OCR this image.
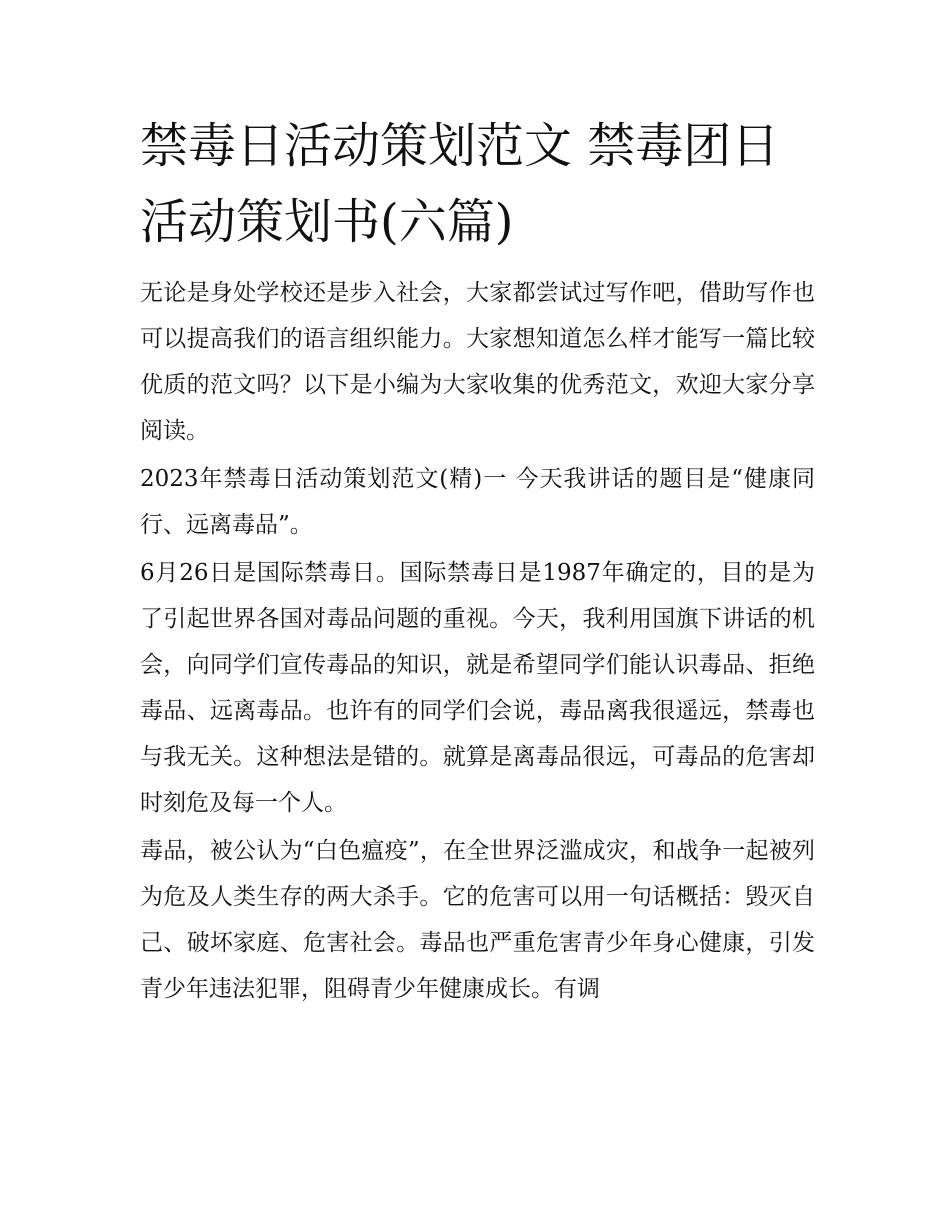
禁毒日活动策划范文 禁毒团日活动策划书(六篇)

无论是身处学校还是步入社会，大家都尝试过写作吧，借助写作也可以提高我们的语言组织能力。大家想知道怎么样才能写一篇比较优质的范文吗？以下是小编为大家收集的优秀范文，欢迎大家分享阅读。

2023年禁毒日活动策划范文(精)一 今天我讲话的题目是“健康同行、远离毒品”。

6月26日是国际禁毒日。国际禁毒日是1987年确定的，目的是为了引起世界各国对毒品问题的重视。今天，我利用国旗下讲话的机会，向同学们宣传毒品的知识，就是希望同学们能认识毒品、拒绝毒品、远离毒品。也许有的同学们会说，毒品离我很遥远，禁毒也与我无关。这种想法是错的。就算是离毒品很远，可毒品的危害却时刻危及每一个人。

毒品，被公认为“白色瘟疫”，在全世界泛滥成灾，和战争一起被列为危及人类生存的两大杀手。它的危害可以用一句话概括：毁灭自己、破坏家庭、危害社会。毒品也严重危害青少年身心健康，引发青少年违法犯罪，阻碍青少年健康成长。有调
